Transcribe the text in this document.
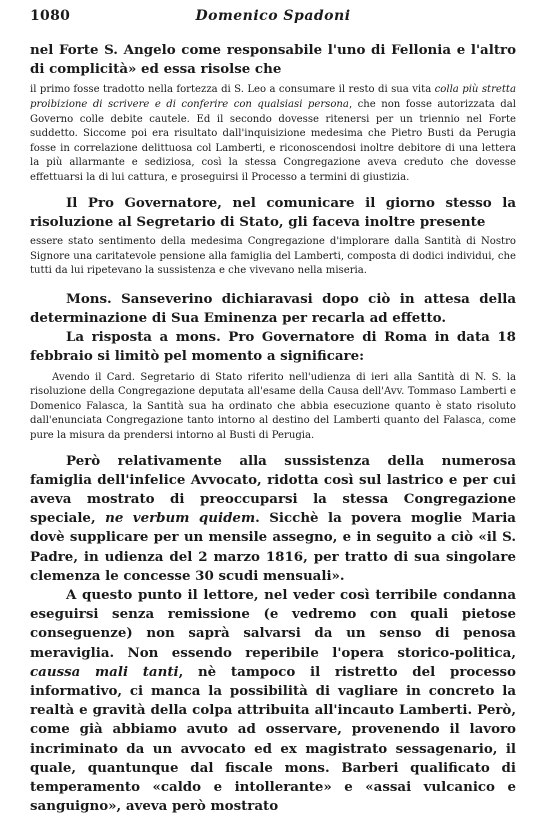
1080	Domenico Spadoni

nel Forte S. Angelo come responsabile l'uno di Fellonia e l'altro di complicità» ed essa risolse che

il primo fosse tradotto nella fortezza di S. Leo a consumare il resto di sua vita colla più stretta proibizione di scrivere e di conferire con qualsiasi persona, che non fosse autorizzata dal Governo colle debite cautele. Ed il secondo dovesse ritenersi per un triennio nel Forte suddetto. Siccome poi era risultato dall'inquisizione medesima che Pietro Busti da Perugia fosse in correlazione delittuosa col Lamberti, e riconoscendosi inoltre debitore di una lettera la più allarmante e sediziosa, così la stessa Congregazione aveva creduto che dovesse effettuarsi la di lui cattura, e proseguirsi il Processo a termini di giustizia.

Il Pro Governatore, nel comunicare il giorno stesso la risoluzione al Segretario di Stato, gli faceva inoltre presente

essere stato sentimento della medesima Congregazione d'implorare dalla Santità di Nostro Signore una caritatevole pensione alla famiglia del Lamberti, composta di dodici individui, che tutti da lui ripetevano la sussistenza e che vivevano nella miseria.

Mons. Sanseverino dichiaravasi dopo ciò in attesa della determinazione di Sua Eminenza per recarla ad effetto.

La risposta a mons. Pro Governatore di Roma in data 18 febbraio si limitò pel momento a significare:

Avendo il Card. Segretario di Stato riferito nell'udienza di ieri alla Santità di N. S. la risoluzione della Congregazione deputata all'esame della Causa dell'Avv. Tommaso Lamberti e Domenico Falasca, la Santità sua ha ordinato che abbia esecuzione quanto è stato risoluto dall'enunciata Congregazione tanto intorno al destino del Lamberti quanto del Falasca, come pure la misura da prendersi intorno al Busti di Perugia.

Però relativamente alla sussistenza della numerosa famiglia dell'infelice Avvocato, ridotta così sul lastrico e per cui aveva mostrato di preoccuparsi la stessa Congregazione speciale, ne verbum quidem. Sicchè la povera moglie Maria dovè supplicare per un mensile assegno, e in seguito a ciò «il S. Padre, in udienza del 2 marzo 1816, per tratto di sua singolare clemenza le concesse 30 scudi mensuali».

A questo punto il lettore, nel veder così terribile condanna eseguirsi senza remissione (e vedremo con quali pietose conseguenze) non saprà salvarsi da un senso di penosa meraviglia. Non essendo reperibile l'opera storico-politica, caussa mali tanti, nè tampoco il ristretto del processo informativo, ci manca la possibilità di vagliare in concreto la realtà e gravità della colpa attribuita all'incauto Lamberti. Però, come già abbiamo avuto ad osservare, provenendo il lavoro incriminato da un avvocato ed ex magistrato sessagenario, il quale, quantunque dal fiscale mons. Barberi qualificato di temperamento «caldo e intollerante» e «assai vulcanico e sanguigno», aveva però mostrato
